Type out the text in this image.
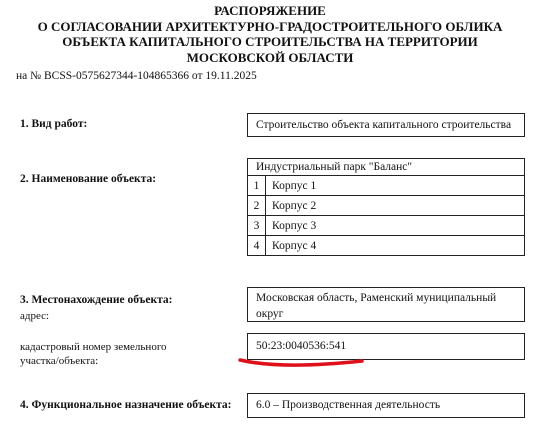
РАСПОРЯЖЕНИЕ
О СОГЛАСОВАНИИ АРХИТЕКТУРНО-ГРАДОСТРОИТЕЛЬНОГО ОБЛИКА
ОБЪЕКТА КАПИТАЛЬНОГО СТРОИТЕЛЬСТВА НА ТЕРРИТОРИИ
МОСКОВСКОЙ ОБЛАСТИ
на № BCSS-0575627344-104865366 от 19.11.2025
1. Вид работ:	Строительство объекта капитального строительства
2. Наименование объекта:
Индустриальный парк "Баланс"	
1	Корпус 1
2	Корпус 2
3	Корпус 3
4	Корпус 4
3. Местонахождение объекта:
адрес:
Московская область, Раменский муниципальный округ
кадастровый номер земельного участка/объекта:
50:23:0040536:541
4. Функциональное назначение объекта:	6.0 – Производственная деятельность
